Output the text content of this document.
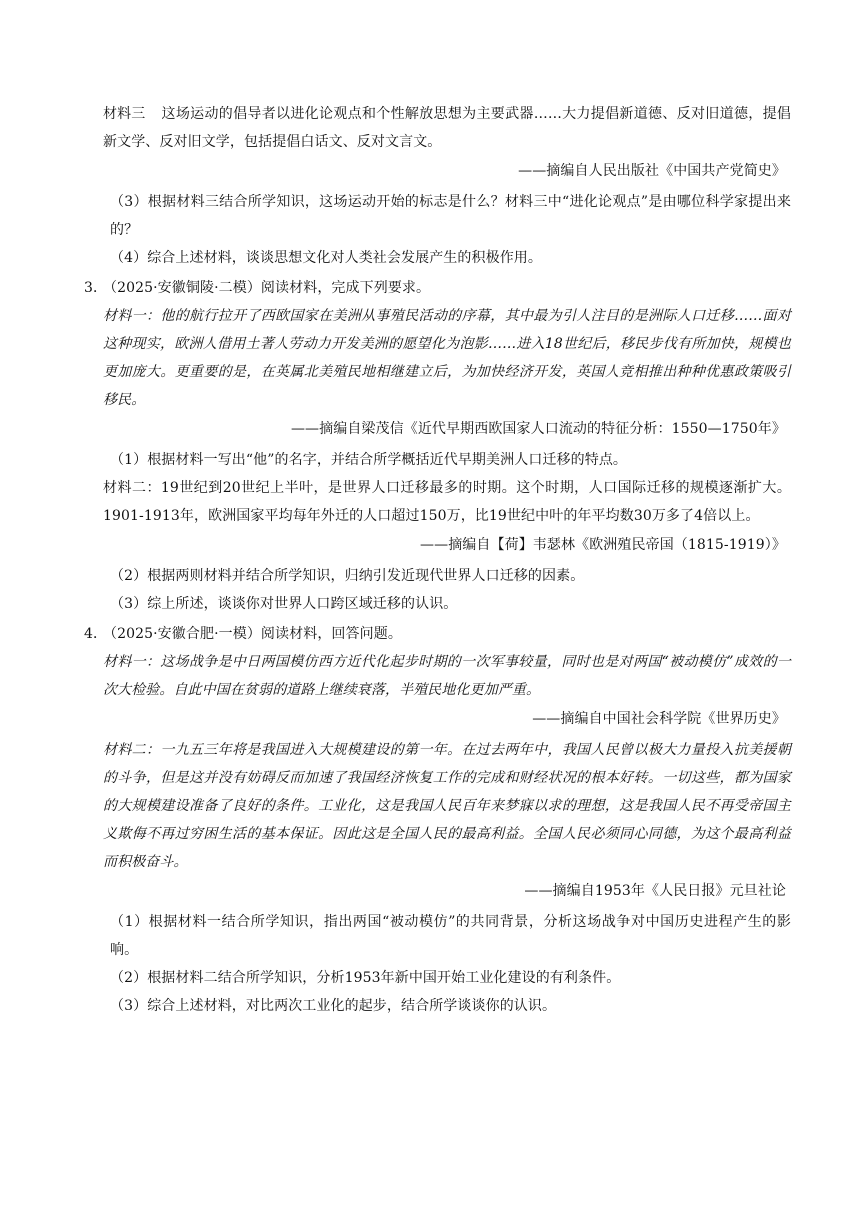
材料三 这场运动的倡导者以进化论观点和个性解放思想为主要武器……大力提倡新道德、反对旧道德，提倡新文学、反对旧文学，包括提倡白话文、反对文言文。

——摘编自人民出版社《中国共产党简史》

（3）根据材料三结合所学知识，这场运动开始的标志是什么？材料三中“进化论观点”是由哪位科学家提出来的？

（4）综合上述材料，谈谈思想文化对人类社会发展产生的积极作用。

3．（2025·安徽铜陵·二模）阅读材料，完成下列要求。

材料一：他的航行拉开了西欧国家在美洲从事殖民活动的序幕，其中最为引人注目的是洲际人口迁移……面对这种现实，欧洲人借用土著人劳动力开发美洲的愿望化为泡影……进入18世纪后，移民步伐有所加快，规模也更加庞大。更重要的是，在英属北美殖民地相继建立后，为加快经济开发，英国人竞相推出种种优惠政策吸引移民。

——摘编自梁茂信《近代早期西欧国家人口流动的特征分析：1550—1750年》

（1）根据材料一写出“他”的名字，并结合所学概括近代早期美洲人口迁移的特点。

材料二：19世纪到20世纪上半叶，是世界人口迁移最多的时期。这个时期，人口国际迁移的规模逐渐扩大。1901-1913年，欧洲国家平均每年外迁的人口超过150万，比19世纪中叶的年平均数30万多了4倍以上。

——摘编自【荷】韦瑟林《欧洲殖民帝国（1815-1919）》

（2）根据两则材料并结合所学知识，归纳引发近现代世界人口迁移的因素。

（3）综上所述，谈谈你对世界人口跨区域迁移的认识。

4．（2025·安徽合肥·一模）阅读材料，回答问题。

材料一：这场战争是中日两国模仿西方近代化起步时期的一次军事较量，同时也是对两国“被动模仿”成效的一次大检验。自此中国在贫弱的道路上继续衰落，半殖民地化更加严重。

——摘编自中国社会科学院《世界历史》

材料二：一九五三年将是我国进入大规模建设的第一年。在过去两年中，我国人民曾以极大力量投入抗美援朝的斗争，但是这并没有妨碍反而加速了我国经济恢复工作的完成和财经状况的根本好转。一切这些，都为国家的大规模建设准备了良好的条件。工业化，这是我国人民百年来梦寐以求的理想，这是我国人民不再受帝国主义欺侮不再过穷困生活的基本保证。因此这是全国人民的最高利益。全国人民必须同心同德，为这个最高利益而积极奋斗。

——摘编自1953年《人民日报》元旦社论

（1）根据材料一结合所学知识，指出两国“被动模仿”的共同背景，分析这场战争对中国历史进程产生的影响。

（2）根据材料二结合所学知识，分析1953年新中国开始工业化建设的有利条件。

（3）综合上述材料，对比两次工业化的起步，结合所学谈谈你的认识。
